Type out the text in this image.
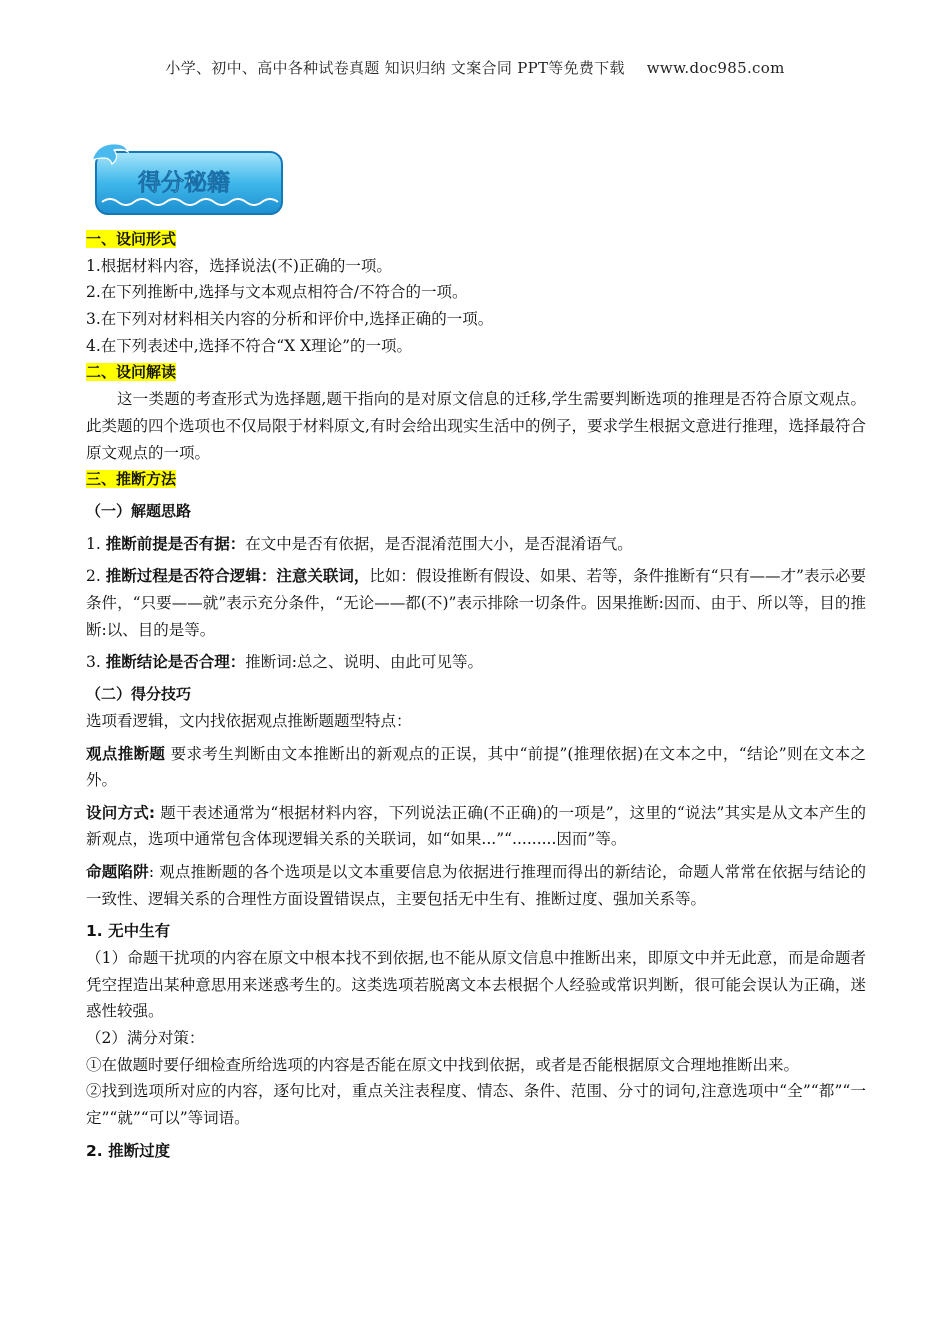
小学、初中、高中各种试卷真题 知识归纳 文案合同 PPT等免费下载 www.doc985.com
得分秘籍

一、设问形式

1.根据材料内容，选择说法(不)正确的一项。

2.在下列推断中,选择与文本观点相符合/不符合的一项。

3.在下列对材料相关内容的分析和评价中,选择正确的一项。

4.在下列表述中,选择不符合“X X理论”的一项。

二、设问解读

这一类题的考查形式为选择题,题干指向的是对原文信息的迁移,学生需要判断选项的推理是否符合原文观点。此类题的四个选项也不仅局限于材料原文,有时会给出现实生活中的例子，要求学生根据文意进行推理，选择最符合原文观点的一项。

三、推断方法

（一）解题思路

1. 推断前提是否有据：在文中是否有依据，是否混淆范围大小，是否混淆语气。

2. 推断过程是否符合逻辑：注意关联词，比如：假设推断有假设、如果、若等，条件推断有“只有——才”表示必要条件，“只要——就”表示充分条件，“无论——都(不)”表示排除一切条件。因果推断:因而、由于、所以等，目的推断:以、目的是等。

3. 推断结论是否合理：推断词:总之、说明、由此可见等。

（二）得分技巧

选项看逻辑，文内找依据观点推断题题型特点：

观点推断题 要求考生判断由文本推断出的新观点的正误，其中“前提”(推理依据)在文本之中，“结论”则在文本之外。

设问方式: 题干表述通常为“根据材料内容，下列说法正确(不正确)的一项是”，这里的“说法”其实是从文本产生的新观点，选项中通常包含体现逻辑关系的关联词，如“如果...”“.........因而”等。

命题陷阱: 观点推断题的各个选项是以文本重要信息为依据进行推理而得出的新结论，命题人常常在依据与结论的一致性、逻辑关系的合理性方面设置错误点，主要包括无中生有、推断过度、强加关系等。

1. 无中生有

（1）命题干扰项的内容在原文中根本找不到依据,也不能从原文信息中推断出来，即原文中并无此意，而是命题者凭空捏造出某种意思用来迷惑考生的。这类选项若脱离文本去根据个人经验或常识判断，很可能会误认为正确，迷惑性较强。

（2）满分对策：

①在做题时要仔细检查所给选项的内容是否能在原文中找到依据，或者是否能根据原文合理地推断出来。

②找到选项所对应的内容，逐句比对，重点关注表程度、情态、条件、范围、分寸的词句,注意选项中“全”“都”“一定”“就”“可以”等词语。

2. 推断过度
